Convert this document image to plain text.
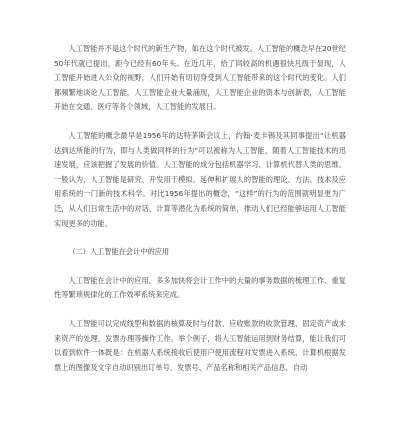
人工智能并不是这个时代的新生产物，如在这个时代被发。人工智能的概念早在20世纪50年代就已提出，距今已经有60年头。在近几年，给了同较高的机遇很快凡级于显现，人工智能开始进入公众的视野，人们开始有切切身受到人工智能带来的这个时代的变化。人们都频繁地谈论人工智能。人工智能企业大量涌现，人工智能企业的资本与创新表，人工智能开始在交通、医疗等各个领域，人工智能的发展日。

人工智能的概念最早是1956年的达特茅斯会议上，约翰·麦卡锡及其同事提出“让机器达到达所能的行为，即与人类做同样的行为”可以被称为人工智能，随着人工智能技术的迅速发展，应该把握了发展的价值。人工智能的成分包括机器学习、计算机代替人类的思维。一般认为，人工智能是研究、开发用于模拟、延伸和扩展人的智能的理论、方法、技术及应用系统的一门新的技术科学。对比1956年提出的概念，“这样”的行为的范围就明显更为广泛，从人们日常生活中的对话、计算等潜化为系统的简单，推动人们已经能够运用人工智能实现更多的功能。

（二）人工智能在会计中的应用

人工智能在会计中的应用，多多加快将会计工作中的大量的事务数据的梳理工作、重复性等繁琐规律化的工作效率系统来完成。

人工智能可以完成线型和数据的核算及时与付款、应收账款的收款管理、固定资产或未来资产的处理，发票办理等操作工作。举个例子，将人工智能运用到财务结算，能让我们可以看到软件一体既是：在机器人系统接收后使用户使用流程对发票进入系统，计算机根据发票上的图像及文字自动识别出订单号、发票号、产品名称和相关产品信息，自动
